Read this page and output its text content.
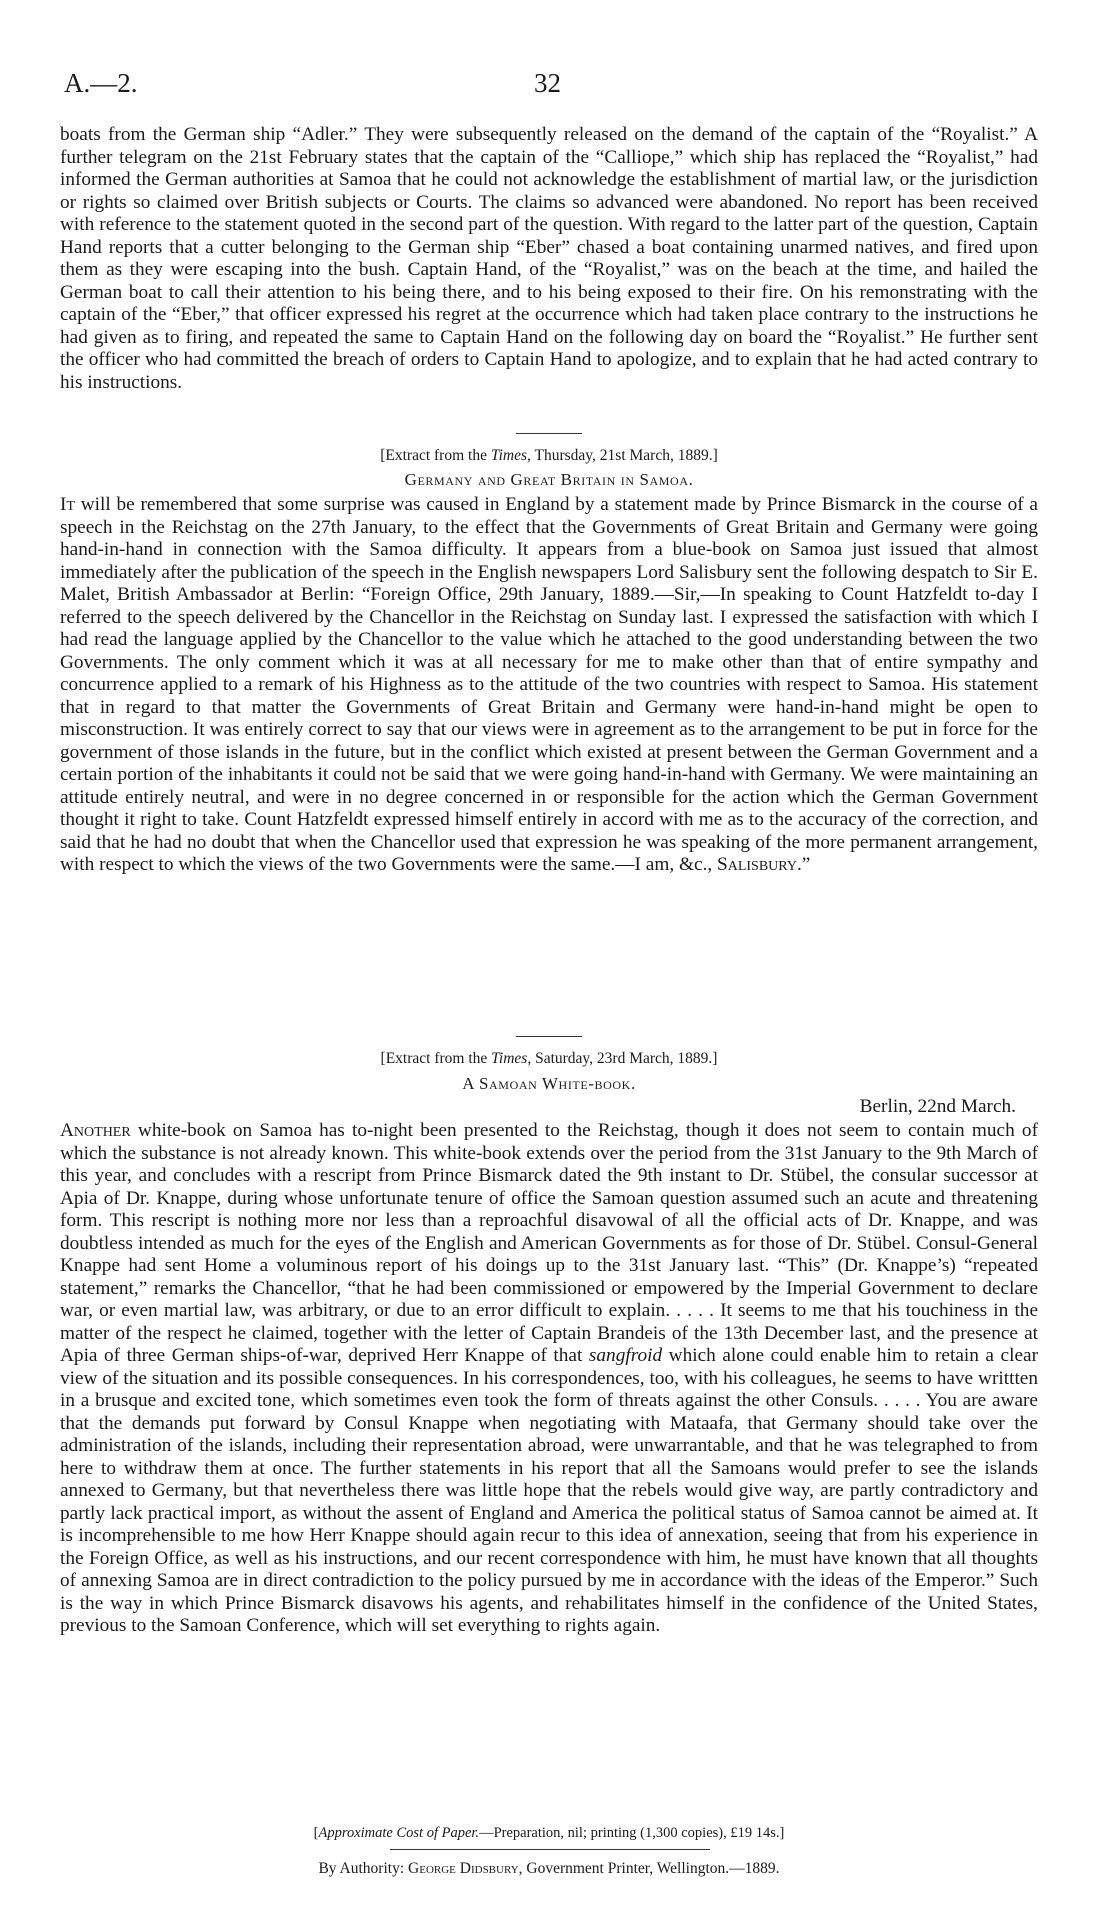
A.—2.	32

boats from the German ship “Adler.” They were subsequently released on the demand of the captain of the “Royalist.” A further telegram on the 21st February states that the captain of the “Calliope,” which ship has replaced the “Royalist,” had informed the German authorities at Samoa that he could not acknowledge the establishment of martial law, or the jurisdiction or rights so claimed over British subjects or Courts. The claims so advanced were abandoned. No report has been received with reference to the statement quoted in the second part of the question. With regard to the latter part of the question, Captain Hand reports that a cutter belonging to the German ship “Eber” chased a boat containing unarmed natives, and fired upon them as they were escaping into the bush. Captain Hand, of the “Royalist,” was on the beach at the time, and hailed the German boat to call their attention to his being there, and to his being exposed to their fire. On his remonstrating with the captain of the “Eber,” that officer expressed his regret at the occurrence which had taken place contrary to the instructions he had given as to firing, and repeated the same to Captain Hand on the following day on board the “Royalist.” He further sent the officer who had committed the breach of orders to Captain Hand to apologize, and to explain that he had acted contrary to his instructions.

[Extract from the Times, Thursday, 21st March, 1889.]
Germany and Great Britain in Samoa.

It will be remembered that some surprise was caused in England by a statement made by Prince Bismarck in the course of a speech in the Reichstag on the 27th January, to the effect that the Governments of Great Britain and Germany were going hand-in-hand in connection with the Samoa difficulty. It appears from a blue-book on Samoa just issued that almost immediately after the publication of the speech in the English newspapers Lord Salisbury sent the following despatch to Sir E. Malet, British Ambassador at Berlin: “Foreign Office, 29th January, 1889.—Sir,—In speaking to Count Hatzfeldt to-day I referred to the speech delivered by the Chancellor in the Reichstag on Sunday last. I expressed the satisfaction with which I had read the language applied by the Chancellor to the value which he attached to the good understanding between the two Governments. The only comment which it was at all necessary for me to make other than that of entire sympathy and concurrence applied to a remark of his Highness as to the attitude of the two countries with respect to Samoa. His statement that in regard to that matter the Governments of Great Britain and Germany were hand-in-hand might be open to misconstruction. It was entirely correct to say that our views were in agreement as to the arrangement to be put in force for the government of those islands in the future, but in the conflict which existed at present between the German Government and a certain portion of the inhabitants it could not be said that we were going hand-in-hand with Germany. We were maintaining an attitude entirely neutral, and were in no degree concerned in or responsible for the action which the German Government thought it right to take. Count Hatzfeldt expressed himself entirely in accord with me as to the accuracy of the correction, and said that he had no doubt that when the Chancellor used that expression he was speaking of the more permanent arrangement, with respect to which the views of the two Governments were the same.—I am, &c., Salisbury.”

[Extract from the Times, Saturday, 23rd March, 1889.]
A Samoan White-book.
Berlin, 22nd March.

Another white-book on Samoa has to-night been presented to the Reichstag, though it does not seem to contain much of which the substance is not already known. This white-book extends over the period from the 31st January to the 9th March of this year, and concludes with a rescript from Prince Bismarck dated the 9th instant to Dr. Stübel, the consular successor at Apia of Dr. Knappe, during whose unfortunate tenure of office the Samoan question assumed such an acute and threatening form. This rescript is nothing more nor less than a reproachful disavowal of all the official acts of Dr. Knappe, and was doubtless intended as much for the eyes of the English and American Governments as for those of Dr. Stübel. Consul-General Knappe had sent Home a voluminous report of his doings up to the 31st January last. “This” (Dr. Knappe’s) “repeated statement,” remarks the Chancellor, “that he had been commissioned or empowered by the Imperial Government to declare war, or even martial law, was arbitrary, or due to an error difficult to explain. . . . . It seems to me that his touchiness in the matter of the respect he claimed, together with the letter of Captain Brandeis of the 13th December last, and the presence at Apia of three German ships-of-war, deprived Herr Knappe of that sangfroid which alone could enable him to retain a clear view of the situation and its possible consequences. In his correspondences, too, with his colleagues, he seems to have writtten in a brusque and excited tone, which sometimes even took the form of threats against the other Consuls. . . . . You are aware that the demands put forward by Consul Knappe when negotiating with Mataafa, that Germany should take over the administration of the islands, including their representation abroad, were unwarrantable, and that he was telegraphed to from here to withdraw them at once. The further statements in his report that all the Samoans would prefer to see the islands annexed to Germany, but that nevertheless there was little hope that the rebels would give way, are partly contradictory and partly lack practical import, as without the assent of England and America the political status of Samoa cannot be aimed at. It is incomprehensible to me how Herr Knappe should again recur to this idea of annexation, seeing that from his experience in the Foreign Office, as well as his instructions, and our recent correspondence with him, he must have known that all thoughts of annexing Samoa are in direct contradiction to the policy pursued by me in accordance with the ideas of the Emperor.” Such is the way in which Prince Bismarck disavows his agents, and rehabilitates himself in the confidence of the United States, previous to the Samoan Conference, which will set everything to rights again.

[Approximate Cost of Paper.—Preparation, nil; printing (1,300 copies), £19 14s.]
By Authority: George Didsbury, Government Printer, Wellington.—1889.
